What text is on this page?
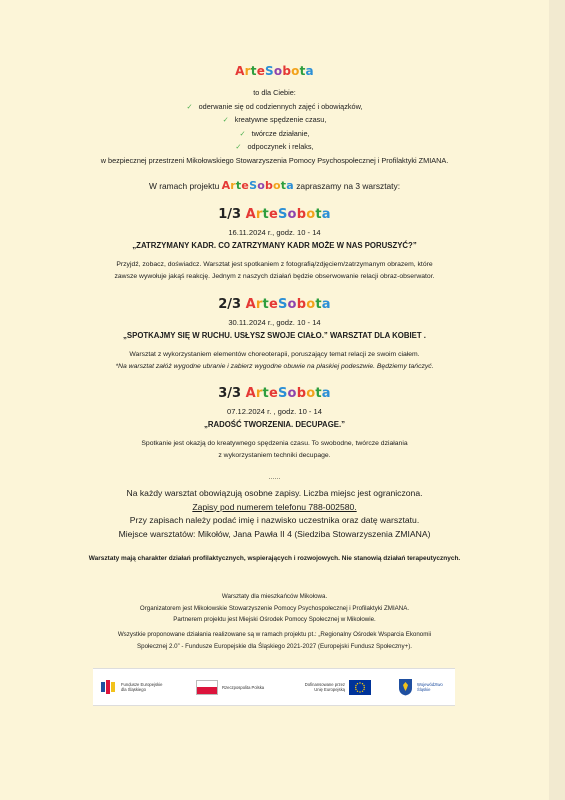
ArteSobota
to dla Ciebie:
✓ oderwanie się od codziennych zajęć i obowiązków,
✓ kreatywne spędzenie czasu,
✓ twórcze działanie,
✓ odpoczynek i relaks,
w bezpiecznej przestrzeni Mikołowskiego Stowarzyszenia Pomocy Psychospołecznej i Profilaktyki ZMIANA.
W ramach projektu ArteSobota zapraszamy na 3 warsztaty:
1/3 ArteSobota
16.11.2024 r., godz. 10 - 14
„ZATRZYMANY KADR. CO ZATRZYMANY KADR MOŻE W NAS PORUSZYĆ?”
Przyjdź, zobacz, doświadcz. Warsztat jest spotkaniem z fotografią/zdjęciem/zatrzymanym obrazem, które
zawsze wywołuje jakąś reakcję. Jednym z naszych działań będzie obserwowanie relacji obraz-obserwator.
2/3 ArteSobota
30.11.2024 r., godz. 10 - 14
„SPOTKAJMY SIĘ W RUCHU. USŁYSZ SWOJE CIAŁO.” WARSZTAT DLA KOBIET .
Warsztat z wykorzystaniem elementów choreoterapii, poruszający temat relacji ze swoim ciałem.
*Na warsztat załóż wygodne ubranie i zabierz wygodne obuwie na płaskiej podeszwie. Będziemy tańczyć.
3/3 ArteSobota
07.12.2024 r. , godz. 10 - 14
„RADOŚĆ TWORZENIA. DECUPAGE.”
Spotkanie jest okazją do kreatywnego spędzenia czasu. To swobodne, twórcze działania
z wykorzystaniem techniki decupage.
……
Na każdy warsztat obowiązują osobne zapisy. Liczba miejsc jest ograniczona.
Zapisy pod numerem telefonu 788-002580.
Przy zapisach należy podać imię i nazwisko uczestnika oraz datę warsztatu.
Miejsce warsztatów: Mikołów, Jana Pawła II 4 (Siedziba Stowarzyszenia ZMIANA)
Warsztaty mają charakter działań profilaktycznych, wspierających i rozwojowych. Nie stanowią działań terapeutycznych.
Warsztaty dla mieszkańców Mikołowa.
Organizatorem jest Mikołowskie Stowarzyszenie Pomocy Psychospołecznej i Profilaktyki ZMIANA.
Partnerem projektu jest Miejski Ośrodek Pomocy Społecznej w Mikołowie.
Wszystkie proponowane działania realizowane są w ramach projektu pt.: „Regionalny Ośrodek Wsparcia Ekonomii
Społecznej 2.0” - Fundusze Europejskie dla Śląskiego 2021-2027 (Europejski Fundusz Społeczny+).
Fundusze Europejskie dla Śląskiego	Rzeczpospolita Polska	Dofinansowane przez Unię Europejską
Województwo Śląskie
